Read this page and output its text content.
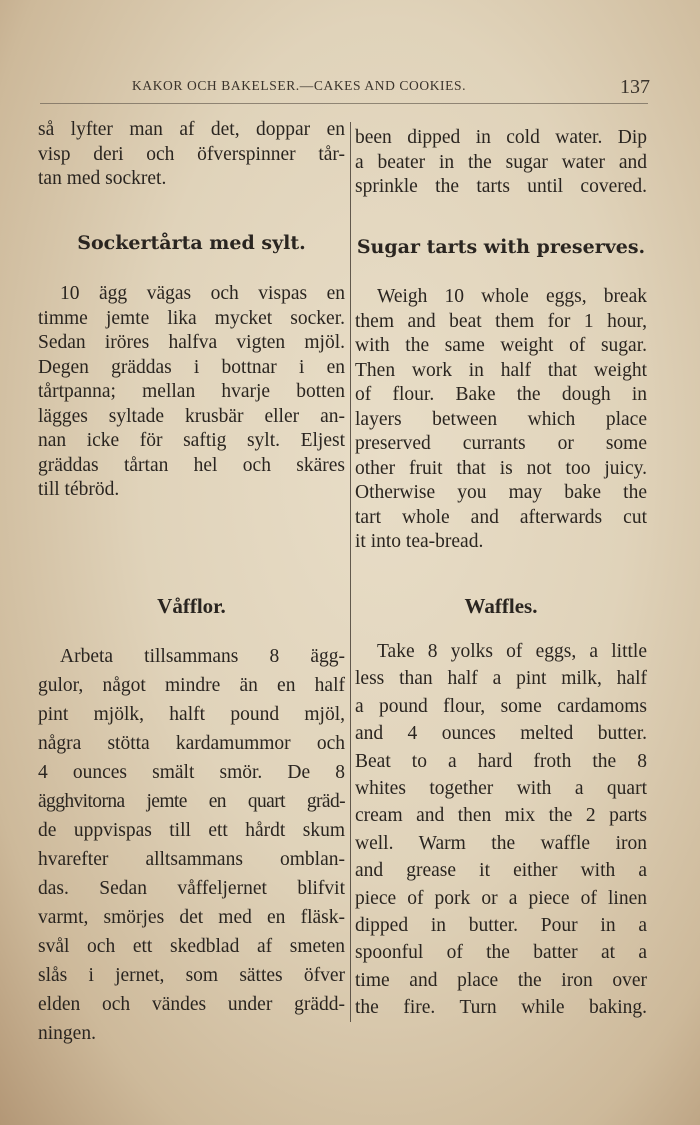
KAKOR OCH BAKELSER.—CAKES AND COOKIES.	137

så lyfter man af det, doppar en
visp deri och öfverspinner tår-
tan med sockret.

been dipped in cold water. Dip
a beater in the sugar water and
sprinkle the tarts until covered.

Sockertårta med sylt.	Sugar tarts with preserves.

10 ägg vägas och vispas en
timme jemte lika mycket socker.
Sedan iröres halfva vigten mjöl.
Degen gräddas i bottnar i en
tårtpanna; mellan hvarje botten
lägges syltade krusbär eller an-
nan icke för saftig sylt. Eljest
gräddas tårtan hel och skäres
till tébröd.

Weigh 10 whole eggs, break
them and beat them for 1 hour,
with the same weight of sugar.
Then work in half that weight
of flour. Bake the dough in
layers between which place
preserved currants or some
other fruit that is not too juicy.
Otherwise you may bake the
tart whole and afterwards cut
it into tea-bread.

Våfflor.	Waffles.

Arbeta tillsammans 8 ägg-
gulor, något mindre än en half
pint mjölk, halft pound mjöl,
några stötta kardamummor och
4 ounces smält smör. De 8
ägghvitorna jemte en quart gräd-
de uppvispas till ett hårdt skum
hvarefter alltsammans omblan-
das. Sedan våffeljernet blifvit
varmt, smörjes det med en fläsk-
svål och ett skedblad af smeten
slås i jernet, som sättes öfver
elden och vändes under grädd-
ningen.

Take 8 yolks of eggs, a little
less than half a pint milk, half
a pound flour, some cardamoms
and 4 ounces melted butter.
Beat to a hard froth the 8
whites together with a quart
cream and then mix the 2 parts
well. Warm the waffle iron
and grease it either with a
piece of pork or a piece of linen
dipped in butter. Pour in a
spoonful of the batter at a
time and place the iron over
the fire. Turn while baking.
